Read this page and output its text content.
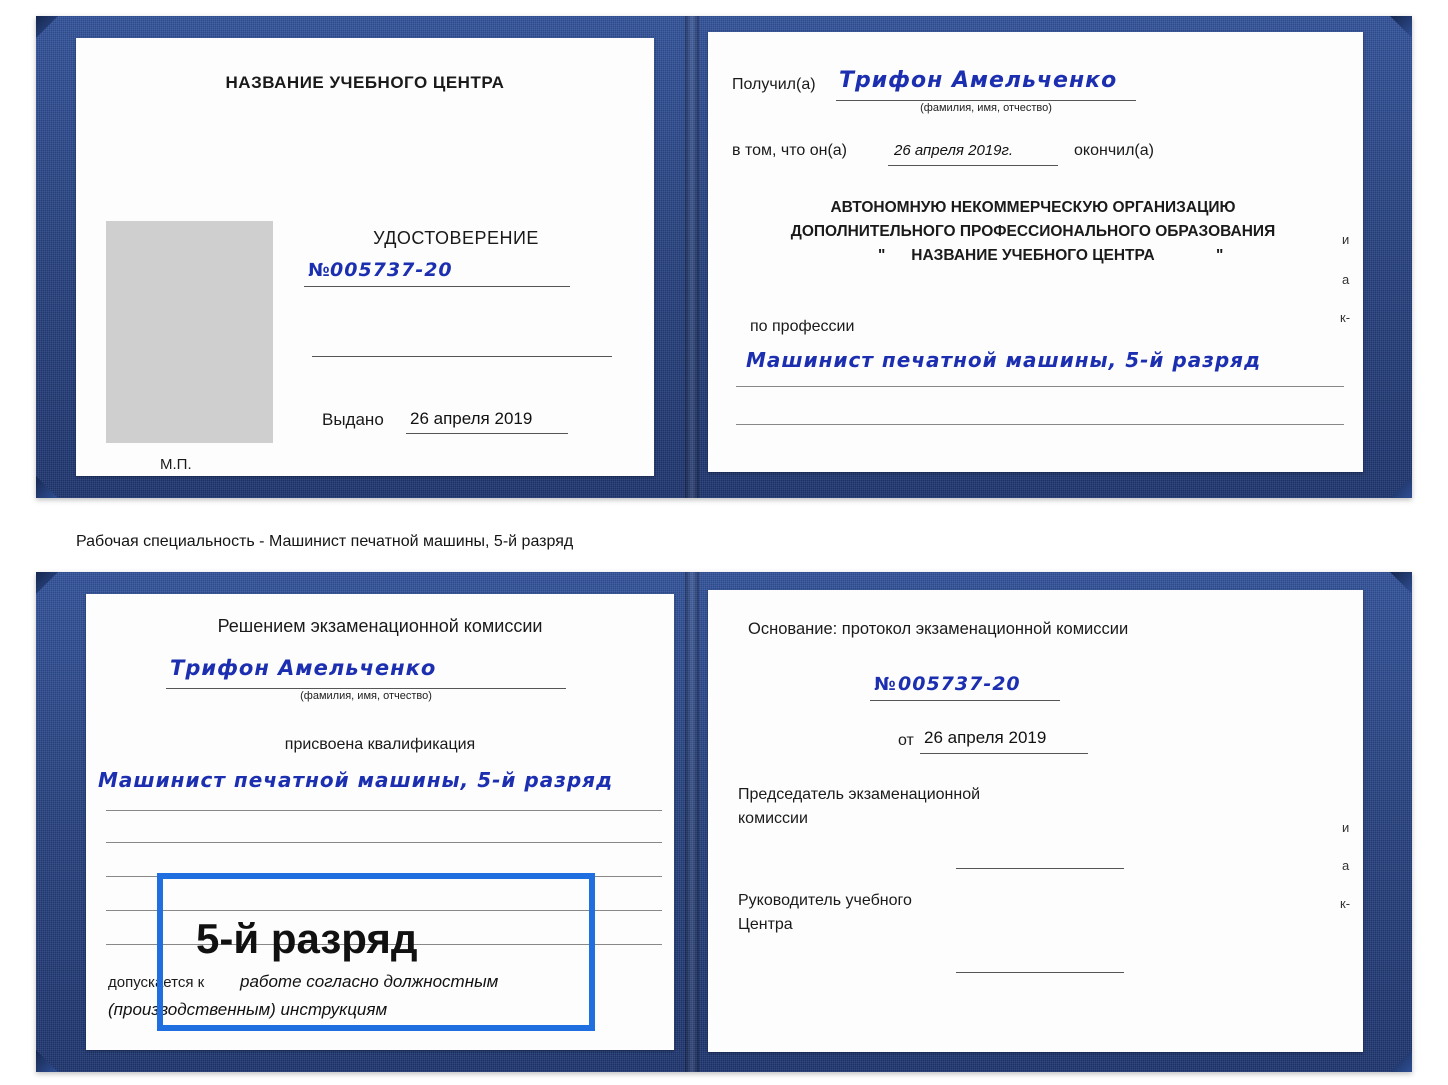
НАЗВАНИЕ УЧЕБНОГО ЦЕНТРА
УДОСТОВЕРЕНИЕ
№ 005737-20
Выдано 26 апреля 2019
М.П.
Получил(а) Трифон Амельченко
(фамилия, имя, отчество)
в том, что он(а)	26 апреля 2019г.	окончил(а)
АВТОНОМНУЮ НЕКОММЕРЧЕСКУЮ ОРГАНИЗАЦИЮ
ДОПОЛНИТЕЛЬНОГО ПРОФЕССИОНАЛЬНОГО ОБРАЗОВАНИЯ
"	НАЗВАНИЕ УЧЕБНОГО ЦЕНТРА	"
по профессии
Машинист печатной машины, 5-й разряд
и
а
к-
Рабочая специальность - Машинист печатной машины, 5-й разряд
Решением экзаменационной комиссии
Трифон Амельченко
(фамилия, имя, отчество)
присвоена квалификация
Машинист печатной машины, 5-й разряд
допускается к работе согласно должностным
(производственным) инструкциям
Основание: протокол экзаменационной комиссии
№ 005737-20
от 26 апреля 2019
Председатель экзаменационной
комиссии
Руководитель учебного
Центра
и
а
к-
5-й разряд
